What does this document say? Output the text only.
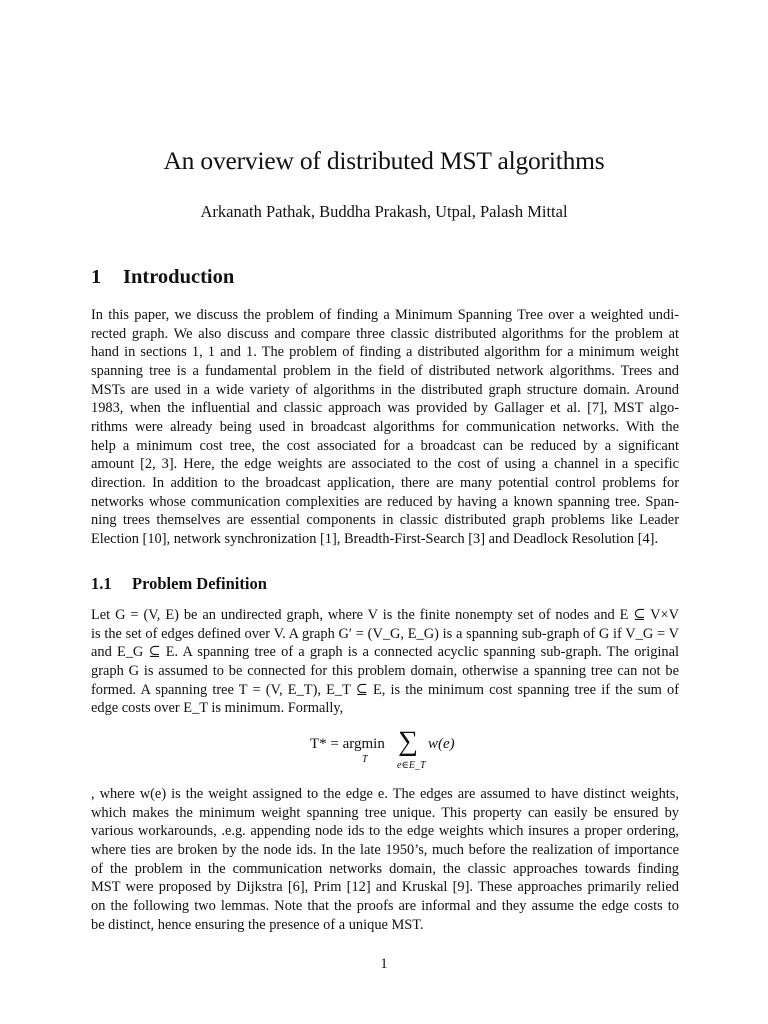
An overview of distributed MST algorithms
Arkanath Pathak, Buddha Prakash, Utpal, Palash Mittal
1 Introduction
In this paper, we discuss the problem of finding a Minimum Spanning Tree over a weighted undi-
rected graph. We also discuss and compare three classic distributed algorithms for the problem at
hand in sections 1, 1 and 1. The problem of finding a distributed algorithm for a minimum weight
spanning tree is a fundamental problem in the field of distributed network algorithms. Trees and
MSTs are used in a wide variety of algorithms in the distributed graph structure domain. Around
1983, when the influential and classic approach was provided by Gallager et al. [7], MST algo-
rithms were already being used in broadcast algorithms for communication networks. With the
help a minimum cost tree, the cost associated for a broadcast can be reduced by a significant
amount [2, 3]. Here, the edge weights are associated to the cost of using a channel in a specific
direction. In addition to the broadcast application, there are many potential control problems for
networks whose communication complexities are reduced by having a known spanning tree. Span-
ning trees themselves are essential components in classic distributed graph problems like Leader
Election [10], network synchronization [1], Breadth-First-Search [3] and Deadlock Resolution [4].
1.1 Problem Definition
Let G = (V, E) be an undirected graph, where V is the finite nonempty set of nodes and E ⊆ V×V
is the set of edges defined over V. A graph G′ = (V_G, E_G) is a spanning sub-graph of G if V_G = V
and E_G ⊆ E. A spanning tree of a graph is a connected acyclic spanning sub-graph. The original
graph G is assumed to be connected for this problem domain, otherwise a spanning tree can not be
formed. A spanning tree T = (V, E_T), E_T ⊆ E, is the minimum cost spanning tree if the sum of
edge costs over E_T is minimum. Formally,
T* = argmin
T
∑
e∈E_T
w(e)
, where w(e) is the weight assigned to the edge e. The edges are assumed to have distinct weights,
which makes the minimum weight spanning tree unique. This property can easily be ensured by
various workarounds, .e.g. appending node ids to the edge weights which insures a proper ordering,
where ties are broken by the node ids. In the late 1950’s, much before the realization of importance
of the problem in the communication networks domain, the classic approaches towards finding
MST were proposed by Dijkstra [6], Prim [12] and Kruskal [9]. These approaches primarily relied
on the following two lemmas. Note that the proofs are informal and they assume the edge costs to
be distinct, hence ensuring the presence of a unique MST.
1
